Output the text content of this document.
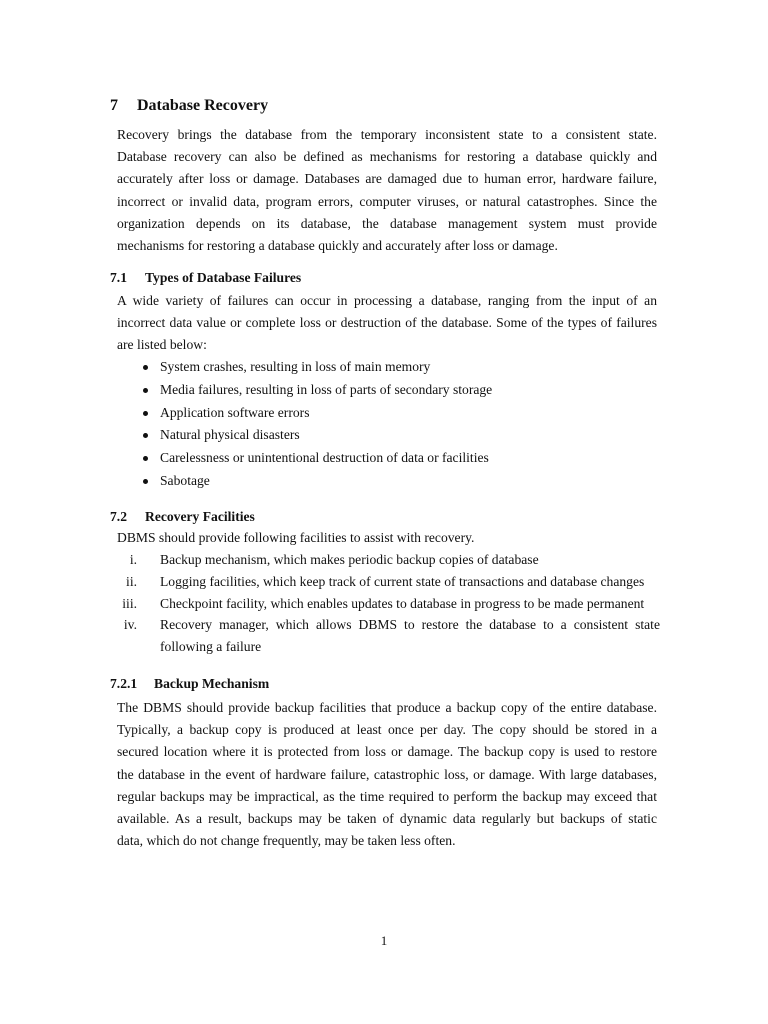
7 Database Recovery
Recovery brings the database from the temporary inconsistent state to a consistent state.
Database recovery can also be defined as mechanisms for restoring a database quickly and
accurately after loss or damage. Databases are damaged due to human error, hardware failure,
incorrect or invalid data, program errors, computer viruses, or natural catastrophes. Since the
organization depends on its database, the database management system must provide
mechanisms for restoring a database quickly and accurately after loss or damage.
7.1 Types of Database Failures
A wide variety of failures can occur in processing a database, ranging from the input of an
incorrect data value or complete loss or destruction of the database. Some of the types of failures
are listed below:
System crashes, resulting in loss of main memory
Media failures, resulting in loss of parts of secondary storage
Application software errors
Natural physical disasters
Carelessness or unintentional destruction of data or facilities
Sabotage
7.2 Recovery Facilities
DBMS should provide following facilities to assist with recovery.
i. Backup mechanism, which makes periodic backup copies of database
ii. Logging facilities, which keep track of current state of transactions and database changes
iii. Checkpoint facility, which enables updates to database in progress to be made permanent
iv. Recovery manager, which allows DBMS to restore the database to a consistent state
following a failure
7.2.1 Backup Mechanism
The DBMS should provide backup facilities that produce a backup copy of the entire database.
Typically, a backup copy is produced at least once per day. The copy should be stored in a
secured location where it is protected from loss or damage. The backup copy is used to restore
the database in the event of hardware failure, catastrophic loss, or damage. With large databases,
regular backups may be impractical, as the time required to perform the backup may exceed that
available. As a result, backups may be taken of dynamic data regularly but backups of static
data, which do not change frequently, may be taken less often.
1
